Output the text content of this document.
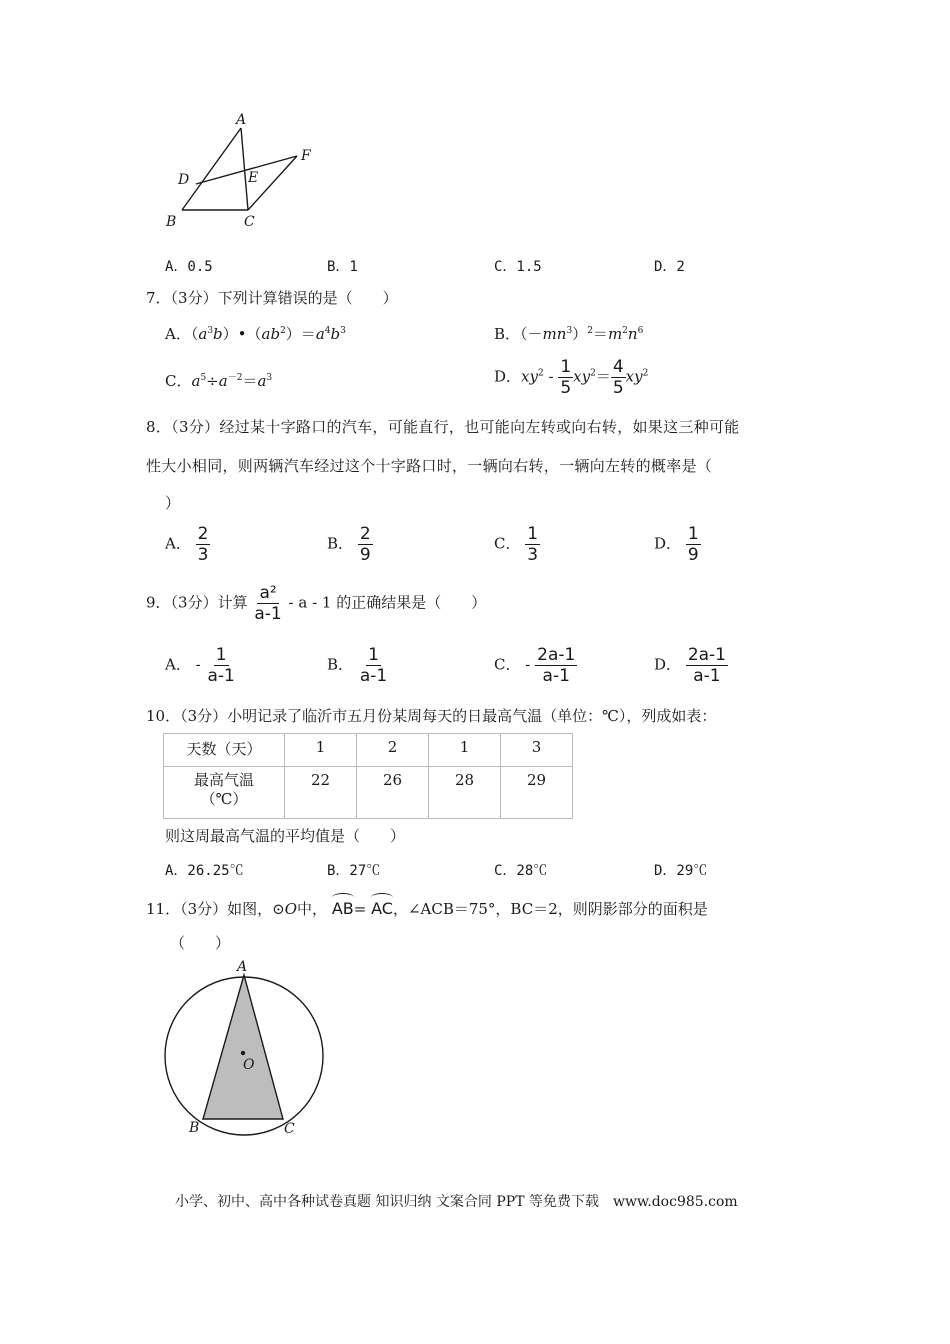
A
D	E
F
B	C
A．0.5	B．1	C．1.5	D．2
7．（3分）下列计算错误的是（　　）
A．$(a^3b)•(ab^2)=a^4b^3$	B．$(-mn^3)^2=m^2n^6$
C．$a^5\div a^{-2}=a^3$	D．$xy^2 - \frac{1}{5} xy^2= \frac{4}{5} xy^2$
8．（3分）经过某十字路口的汽车，可能直行，也可能向左转或向右转，如果这三种可能
性大小相同，则两辆汽车经过这个十字路口时，一辆向右转，一辆向左转的概率是（
）
A． $\frac{2}{3}$	B． $\frac{2}{9}$	C． $\frac{1}{3}$	D． $\frac{1}{9}$
9．（3分）计算 $\frac{\text{a²}}{a-1}$ - a - 1 的正确结果是（　　）
A． - $\frac{1}{a-1}$	B． $\frac{1}{a-1}$	C． - $\frac{2a-1}{a-1}$	D． $\frac{2a-1}{a-1}$
10．（3分）小明记录了临沂市五月份某周每天的日最高气温（单位：℃），列成如表：
天数（天）	1	2	1	3
最高气温（℃）	22	26	28	29
则这周最高气温的平均值是（　　）
A．26.25℃	B．27℃	C．28℃	D．29℃
11．（3分）如图，⊙O中， AB= AC，∠ACB＝75°，BC＝2，则阴影部分的面积是
（　　）
A
O
B	C
小学、初中、高中各种试卷真题 知识归纳 文案合同 PPT 等免费下载　www.doc985.com
